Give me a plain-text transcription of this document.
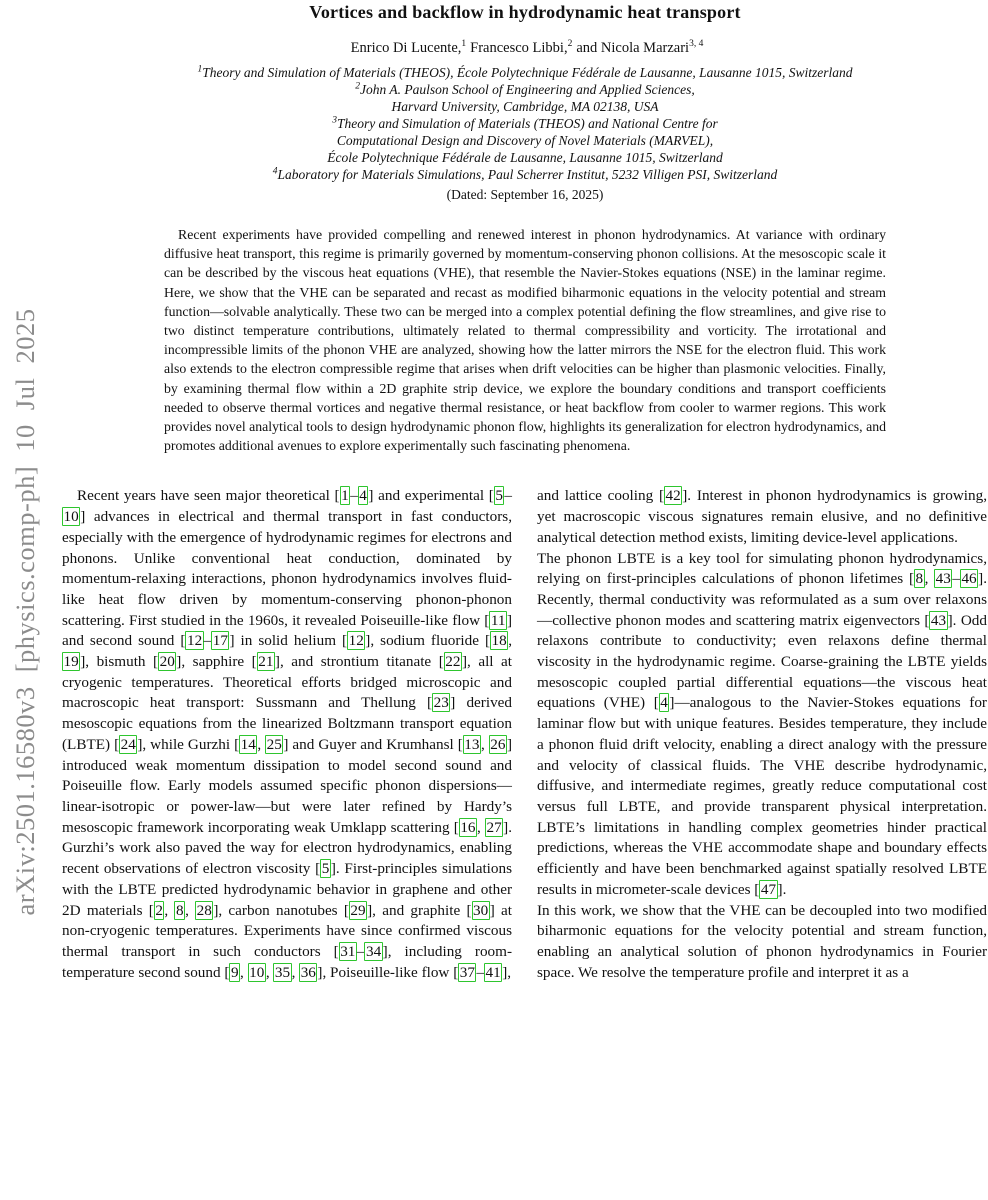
arXiv:2501.16580v3 [physics.comp-ph] 10 Jul 2025
Vortices and backflow in hydrodynamic heat transport
Enrico Di Lucente,$^1$ Francesco Libbi,$^2$ and Nicola Marzari$^{3, 4}$
$^1$Theory and Simulation of Materials (THEOS), École Polytechnique Fédérale de Lausanne, Lausanne 1015, Switzerland
$^2$John A. Paulson School of Engineering and Applied Sciences,
Harvard University, Cambridge, MA 02138, USA
$^3$Theory and Simulation of Materials (THEOS) and National Centre for
Computational Design and Discovery of Novel Materials (MARVEL),
École Polytechnique Fédérale de Lausanne, Lausanne 1015, Switzerland
$^4$Laboratory for Materials Simulations, Paul Scherrer Institut, 5232 Villigen PSI, Switzerland
(Dated: September 16, 2025)
Recent experiments have provided compelling and renewed interest in phonon hydrodynamics. At variance with ordinary diffusive heat transport, this regime is primarily governed by momentum-conserving phonon collisions. At the mesoscopic scale it can be described by the viscous heat equations (VHE), that resemble the Navier-Stokes equations (NSE) in the laminar regime. Here, we show that the VHE can be separated and recast as modified biharmonic equations in the velocity potential and stream function—solvable analytically. These two can be merged into a complex potential defining the flow streamlines, and give rise to two distinct temperature contributions, ultimately related to thermal compressibility and vorticity. The irrotational and incompressible limits of the phonon VHE are analyzed, showing how the latter mirrors the NSE for the electron fluid. This work also extends to the electron compressible regime that arises when drift velocities can be higher than plasmonic velocities. Finally, by examining thermal flow within a 2D graphite strip device, we explore the boundary conditions and transport coefficients needed to observe thermal vortices and negative thermal resistance, or heat backflow from cooler to warmer regions. This work provides novel analytical tools to design hydrodynamic phonon flow, highlights its generalization for electron hydrodynamics, and promotes additional avenues to explore experimentally such fascinating phenomena.

Recent years have seen major theoretical [1–4] and experimental [5–10] advances in electrical and thermal transport in fast conductors, especially with the emergence of hydrodynamic regimes for electrons and phonons. Unlike conventional heat conduction, dominated by momentum-relaxing interactions, phonon hydrodynamics involves fluid-like heat flow driven by momentum-conserving phonon-phonon scattering. First studied in the 1960s, it revealed Poiseuille-like flow [11] and second sound [12–17] in solid helium [12], sodium fluoride [18, 19], bismuth [20], sapphire [21], and strontium titanate [22], all at cryogenic temperatures. Theoretical efforts bridged microscopic and macroscopic heat transport: Sussmann and Thellung [23] derived mesoscopic equations from the linearized Boltzmann transport equation (LBTE) [24], while Gurzhi [14, 25] and Guyer and Krumhansl [13, 26] introduced weak momentum dissipation to model second sound and Poiseuille flow. Early models assumed specific phonon dispersions—linear-isotropic or power-law—but were later refined by Hardy’s mesoscopic framework incorporating weak Umklapp scattering [16, 27]. Gurzhi’s work also paved the way for electron hydrodynamics, enabling recent observations of electron viscosity [5]. First-principles simulations with the LBTE predicted hydrodynamic behavior in graphene and other 2D materials [2, 8, 28], carbon nanotubes [29], and graphite [30] at non-cryogenic temperatures. Experiments have since confirmed viscous thermal transport in such conductors [31–34], including room-temperature second sound [9, 10, 35, 36], Poiseuille-like flow [37–41],

and lattice cooling [42]. Interest in phonon hydrodynamics is growing, yet macroscopic viscous signatures remain elusive, and no definitive analytical detection method exists, limiting device-level applications.

The phonon LBTE is a key tool for simulating phonon hydrodynamics, relying on first-principles calculations of phonon lifetimes [8, 43–46]. Recently, thermal conductivity was reformulated as a sum over relaxons—collective phonon modes and scattering matrix eigenvectors [43]. Odd relaxons contribute to conductivity; even relaxons define thermal viscosity in the hydrodynamic regime. Coarse-graining the LBTE yields mesoscopic coupled partial differential equations—the viscous heat equations (VHE) [4]—analogous to the Navier-Stokes equations for laminar flow but with unique features. Besides temperature, they include a phonon fluid drift velocity, enabling a direct analogy with the pressure and velocity of classical fluids. The VHE describe hydrodynamic, diffusive, and intermediate regimes, greatly reduce computational cost versus full LBTE, and provide transparent physical interpretation. LBTE’s limitations in handling complex geometries hinder practical predictions, whereas the VHE accommodate shape and boundary effects efficiently and have been benchmarked against spatially resolved LBTE results in micrometer-scale devices [47].

In this work, we show that the VHE can be decoupled into two modified biharmonic equations for the velocity potential and stream function, enabling an analytical solution of phonon hydrodynamics in Fourier space. We resolve the temperature profile and interpret it as a
